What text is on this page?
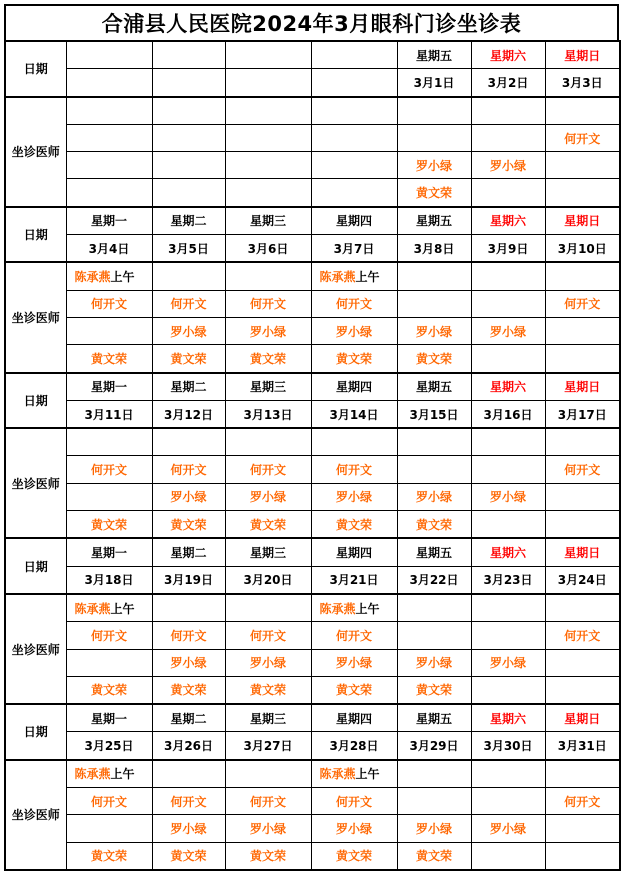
合浦县人民医院2024年3月眼科门诊坐诊表
日期					星期五	星期六	星期日
					3月1日	3月2日	3月3日
坐诊医师							
							何开文
					罗小绿	罗小绿	
					黄文荣		
日期	星期一	星期二	星期三	星期四	星期五	星期六	星期日
	3月4日	3月5日	3月6日	3月7日	3月8日	3月9日	3月10日
坐诊医师	陈承燕上午			陈承燕上午			
	何开文	何开文	何开文	何开文			何开文
		罗小绿	罗小绿	罗小绿	罗小绿	罗小绿	
	黄文荣	黄文荣	黄文荣	黄文荣	黄文荣		
日期	星期一	星期二	星期三	星期四	星期五	星期六	星期日
	3月11日	3月12日	3月13日	3月14日	3月15日	3月16日	3月17日
坐诊医师							
	何开文	何开文	何开文	何开文			何开文
		罗小绿	罗小绿	罗小绿	罗小绿	罗小绿	
	黄文荣	黄文荣	黄文荣	黄文荣	黄文荣		
日期	星期一	星期二	星期三	星期四	星期五	星期六	星期日
	3月18日	3月19日	3月20日	3月21日	3月22日	3月23日	3月24日
坐诊医师	陈承燕上午			陈承燕上午			
	何开文	何开文	何开文	何开文			何开文
		罗小绿	罗小绿	罗小绿	罗小绿	罗小绿	
	黄文荣	黄文荣	黄文荣	黄文荣	黄文荣		
日期	星期一	星期二	星期三	星期四	星期五	星期六	星期日
	3月25日	3月26日	3月27日	3月28日	3月29日	3月30日	3月31日
坐诊医师	陈承燕上午			陈承燕上午			
	何开文	何开文	何开文	何开文			何开文
		罗小绿	罗小绿	罗小绿	罗小绿	罗小绿	
	黄文荣	黄文荣	黄文荣	黄文荣	黄文荣		
